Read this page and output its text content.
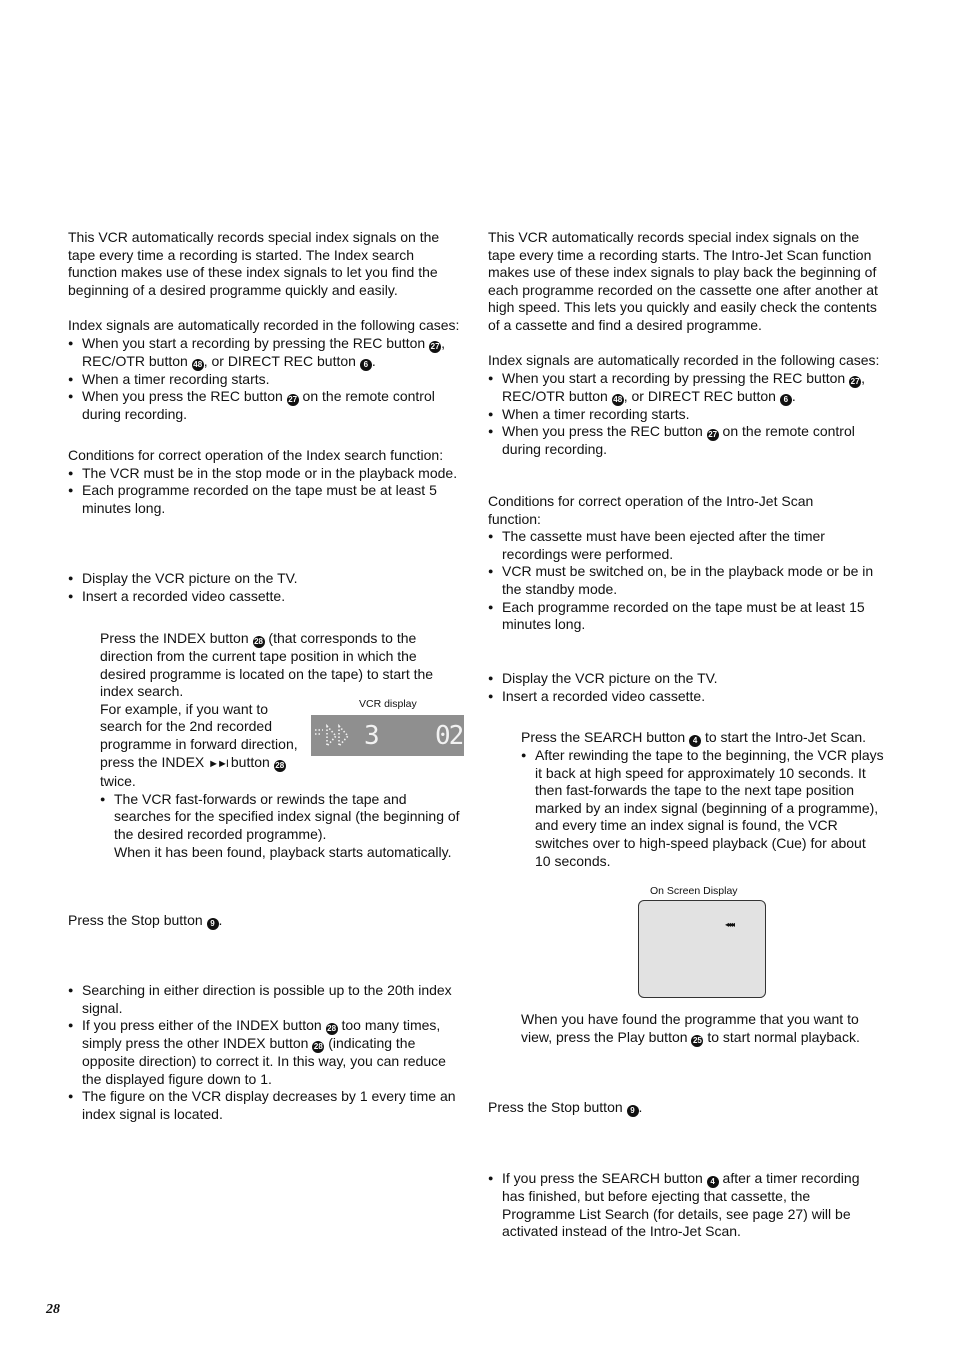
This VCR automatically records special index signals on the tape every time a recording is started. The Index search function makes use of these index signals to let you find the beginning of a desired programme quickly and easily.

Index signals are automatically recorded in the following cases:

● When you start a recording by pressing the REC button 27 , REC/OTR button 48 , or DIRECT REC button 6 .

● When a timer recording starts.

● When you press the REC button 27 on the remote control during recording.

Conditions for correct operation of the Index search function:

● The VCR must be in the stop mode or in the playback mode.

● Each programme recorded on the tape must be at least 5 minutes long.

● Display the VCR picture on the TV.

● Insert a recorded video cassette.

Press the INDEX button 28 (that corresponds to the direction from the current tape position in which the desired programme is located on the tape) to start the index search.

For example, if you want to search for the 2nd recorded programme in forward direction, press the INDEX ►►I button 28 twice.

● The VCR fast-forwards or rewinds the tape and searches for the specified index signal (the beginning of the desired recorded programme).
When it has been found, playback starts automatically.

VCR display
3 02

Press the Stop button 9 .

● Searching in either direction is possible up to the 20th index signal.

● If you press either of the INDEX button 28 too many times, simply press the other INDEX button 28 (indicating the opposite direction) to correct it. In this way, you can reduce the displayed figure down to 1.

● The figure on the VCR display decreases by 1 every time an index signal is located.

This VCR automatically records special index signals on the tape every time a recording starts. The Intro-Jet Scan function makes use of these index signals to play back the beginning of each programme recorded on the cassette one after another at high speed. This lets you quickly and easily check the contents of a cassette and find a desired programme.

Index signals are automatically recorded in the following cases:

● When you start a recording by pressing the REC button 27 , REC/OTR button 48 , or DIRECT REC button 6 .

● When a timer recording starts.

● When you press the REC button 27 on the remote control during recording.

Conditions for correct operation of the Intro-Jet Scan function:

● The cassette must have been ejected after the timer recordings were performed.

● VCR must be switched on, be in the playback mode or be in the standby mode.

● Each programme recorded on the tape must be at least 15 minutes long.

● Display the VCR picture on the TV.

● Insert a recorded video cassette.

Press the SEARCH button 4 to start the Intro-Jet Scan.

● After rewinding the tape to the beginning, the VCR plays it back at high speed for approximately 10 seconds. It then fast-forwards the tape to the next tape position marked by an index signal (beginning of a programme), and every time an index signal is found, the VCR switches over to high-speed playback (Cue) for about 10 seconds.

On Screen Display
◂◂◂◂

When you have found the programme that you want to view, press the Play button 25 to start normal playback.

Press the Stop button 9 .

● If you press the SEARCH button 4 after a timer recording has finished, but before ejecting that cassette, the Programme List Search (for details, see page 27) will be activated instead of the Intro-Jet Scan.

28
